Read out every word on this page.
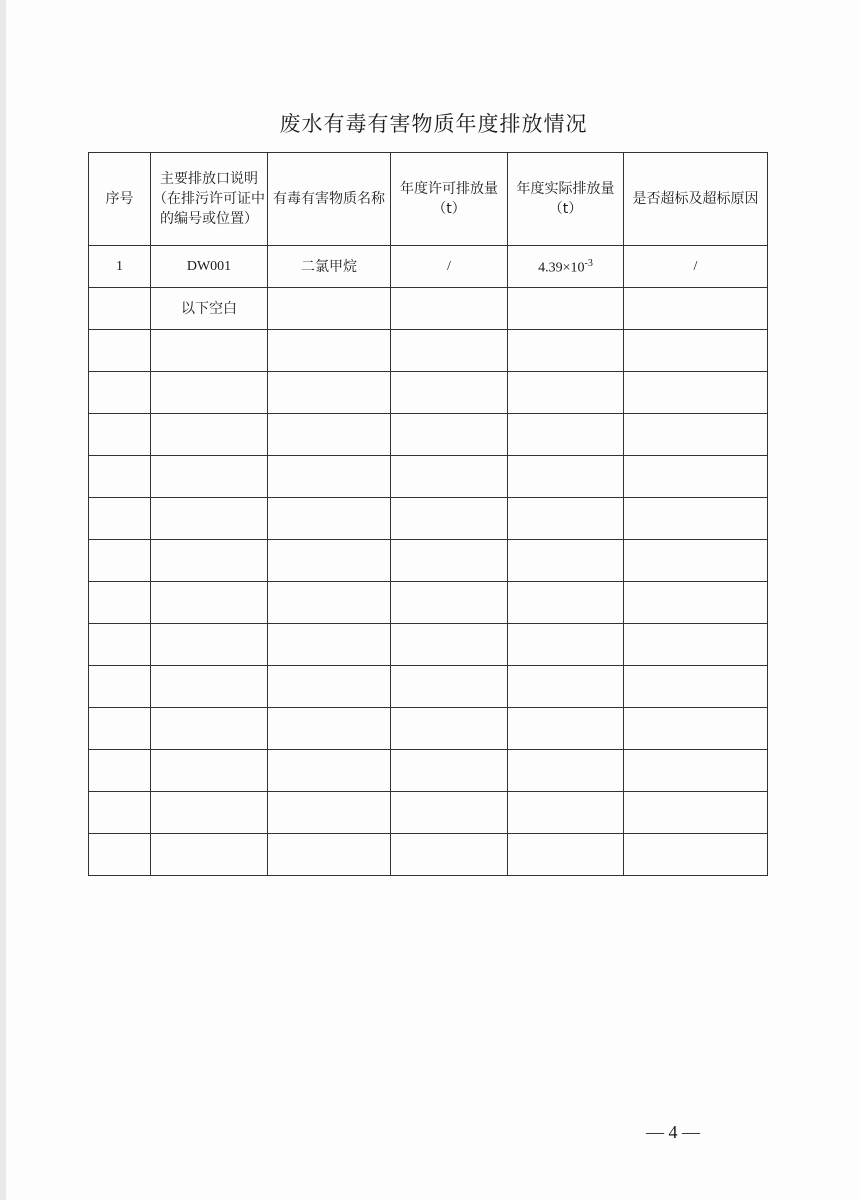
废水有毒有害物质年度排放情况
序号	主要排放口说明（在排污许可证中的编号或位置）	有毒有害物质名称	年度许可排放量（t）	年度实际排放量（t）	是否超标及超标原因
1	DW001	二氯甲烷	/	$4.39\times 10^{-3}$	/
	以下空白				

— 4 —
